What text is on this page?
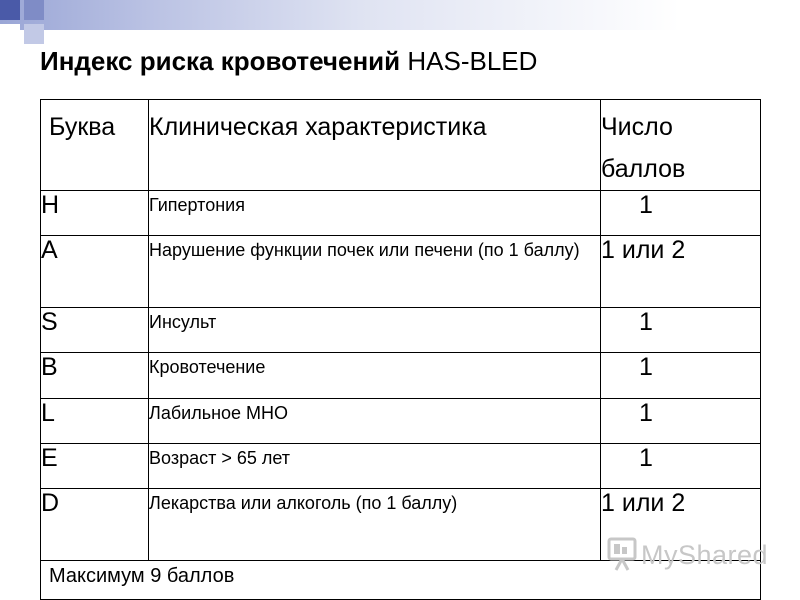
Индекс риска кровотечений HAS-BLED
Буква	Клиническая характеристика	Число
баллов

H	Гипертония	1
A	Нарушение функции почек или печени (по 1 баллу)	1 или 2
S	Инсульт	1
B	Кровотечение	1
L	Лабильное МНО	1
E	Возраст > 65 лет	1
D	Лекарства или алкоголь (по 1 баллу)	1 или 2
Максимум 9 баллов		
MyShared
